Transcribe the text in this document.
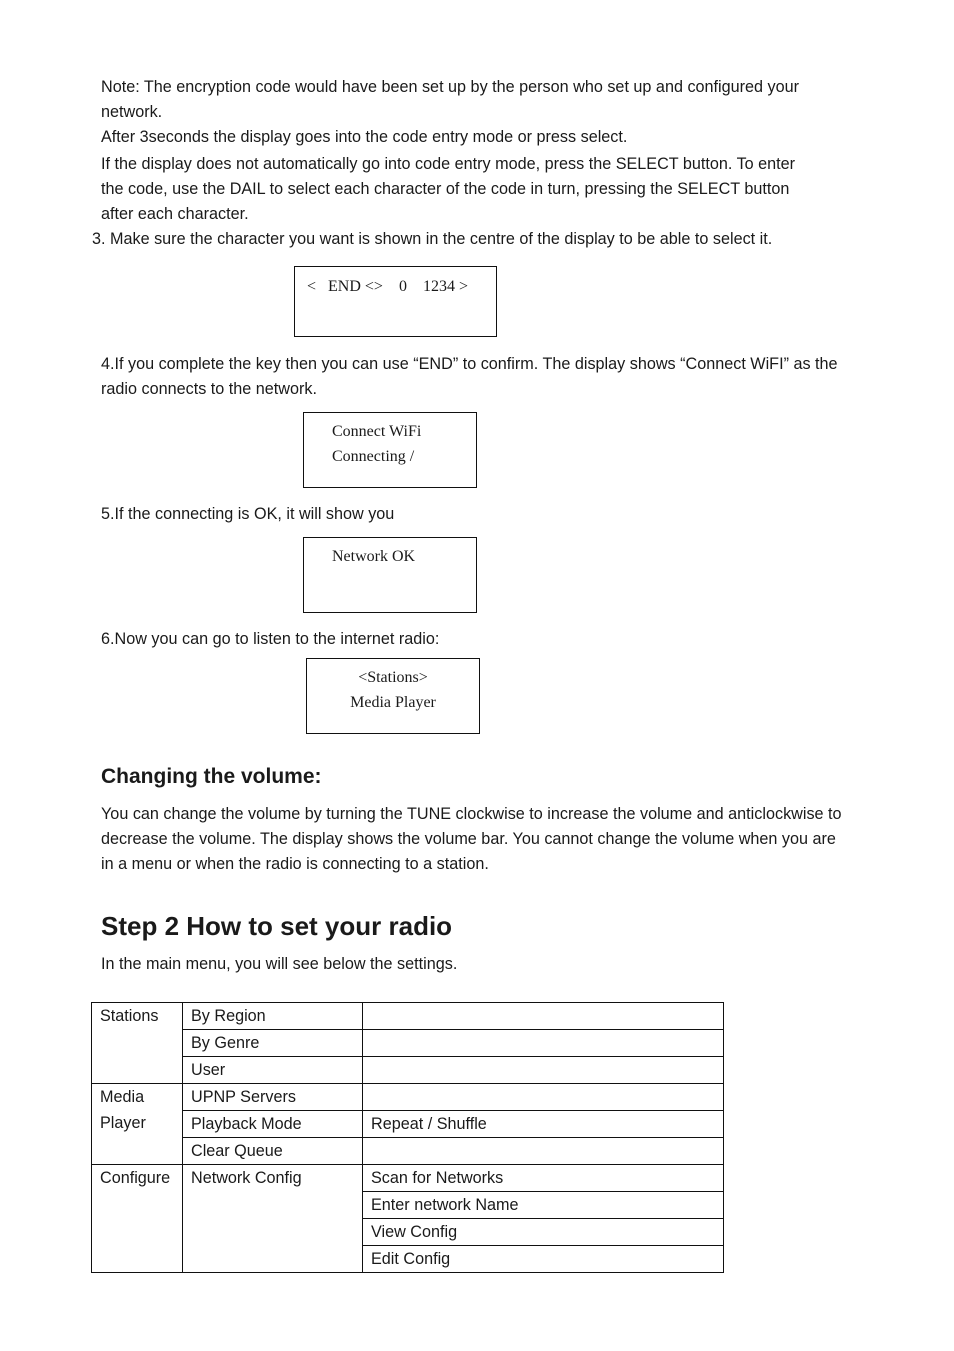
Note: The encryption code would have been set up by the person who set up and configured your
network.
After 3seconds the display goes into the code entry mode or press select.
If the display does not automatically go into code entry mode, press the SELECT button. To enter
the code, use the DAIL to select each character of the code in turn, pressing the SELECT button
after each character.
3. Make sure the character you want is shown in the centre of the display to be able to select it.
<   END <>    0    1234 >
4.If you complete the key then you can use “END” to confirm. The display shows “Connect WiFI” as the
radio connects to the network.
Connect WiFi
Connecting /
5.If the connecting is OK, it will show you
Network OK
6.Now you can go to listen to the internet radio:
<Stations>
Media Player
Changing the volume:
You can change the volume by turning the TUNE clockwise to increase the volume and anticlockwise to
decrease the volume. The display shows the volume bar. You cannot change the volume when you are
in a menu or when the radio is connecting to a station.
Step 2 How to set your radio
In the main menu, you will see below the settings.
Stations	By Region	
	By Genre	
	User	
Media
Player	UPNP Servers	
	Playback Mode	Repeat / Shuffle
	Clear Queue	
Configure	Network Config	Scan for Networks
		Enter network Name
		View Config
		Edit Config
